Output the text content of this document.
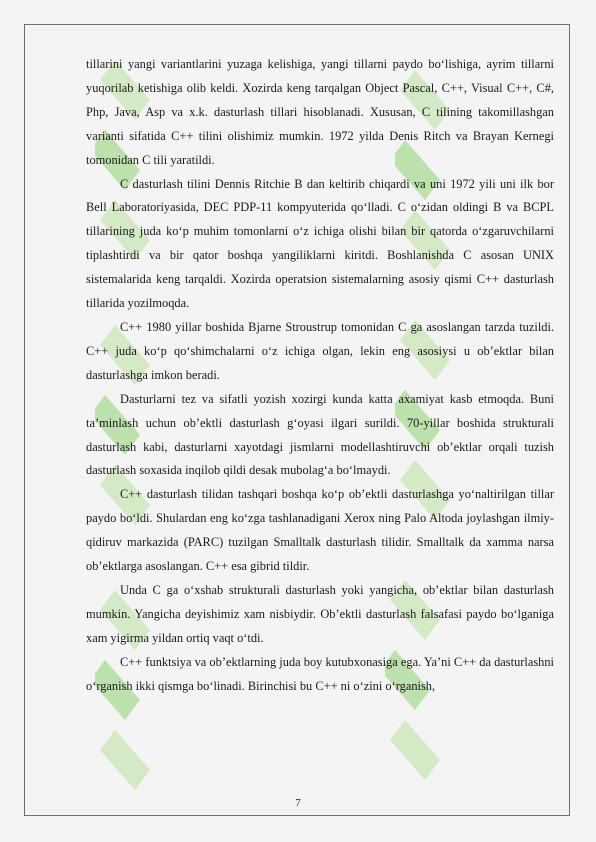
tillarini yangi variantlarini yuzaga kelishiga, yangi tillarni paydo bo‘lishiga, ayrim tillarni yuqorilab ketishiga olib keldi. Xozirda keng tarqalgan Object Pascal, C++, Visual C++, C#, Php, Java, Asp va x.k. dasturlash tillari hisoblanadi. Xususan, C tilining takomillashgan varianti sifatida C++ tilini olishimiz mumkin. 1972 yilda Denis Ritch va Brayan Kernegi tomonidan C tili yaratildi.

C dasturlash tilini Dennis Ritchie B dan keltirib chiqardi va uni 1972 yili uni ilk bor Bell Laboratoriyasida, DEC PDP-11 kompyuterida qo‘lladi. C o‘zidan oldingi B va BCPL tillarining juda ko‘p muhim tomonlarni o‘z ichiga olishi bilan bir qatorda o‘zgaruvchilarni tiplashtirdi va bir qator boshqa yangiliklarni kiritdi. Boshlanishda C asosan UNIX sistemalarida keng tarqaldi. Xozirda operatsion sistemalarning asosiy qismi C++ dasturlash tillarida yozilmoqda.

C++ 1980 yillar boshida Bjarne Stroustrup tomonidan C ga asoslangan tarzda tuzildi. C++ juda ko‘p qo‘shimchalarni o‘z ichiga olgan, lekin eng asosiysi u ob’ektlar bilan dasturlashga imkon beradi.

Dasturlarni tez va sifatli yozish xozirgi kunda katta axamiyat kasb etmoqda. Buni ta’minlash uchun ob’ektli dasturlash g‘oyasi ilgari surildi. 70-yillar boshida strukturali dasturlash kabi, dasturlarni xayotdagi jismlarni modellashtiruvchi ob’ektlar orqali tuzish dasturlash soxasida inqilob qildi desak mubolag‘a bo‘lmaydi.

C++ dasturlash tilidan tashqari boshqa ko‘p ob’ektli dasturlashga yo‘naltirilgan tillar paydo bo‘ldi. Shulardan eng ko‘zga tashlanadigani Xerox ning Palo Altoda joylashgan ilmiy-qidiruv markazida (PARC) tuzilgan Smalltalk dasturlash tilidir. Smalltalk da xamma narsa ob’ektlarga asoslangan. C++ esa gibrid tildir.

Unda C ga o‘xshab strukturali dasturlash yoki yangicha, ob’ektlar bilan dasturlash mumkin. Yangicha deyishimiz xam nisbiydir. Ob’ektli dasturlash falsafasi paydo bo‘lganiga xam yigirma yildan ortiq vaqt o‘tdi.

C++ funktsiya va ob’ektlarning juda boy kutubxonasiga ega. Ya’ni C++ da dasturlashni o‘rganish ikki qismga bo‘linadi. Birinchisi bu C++ ni o‘zini o‘rganish,

7
